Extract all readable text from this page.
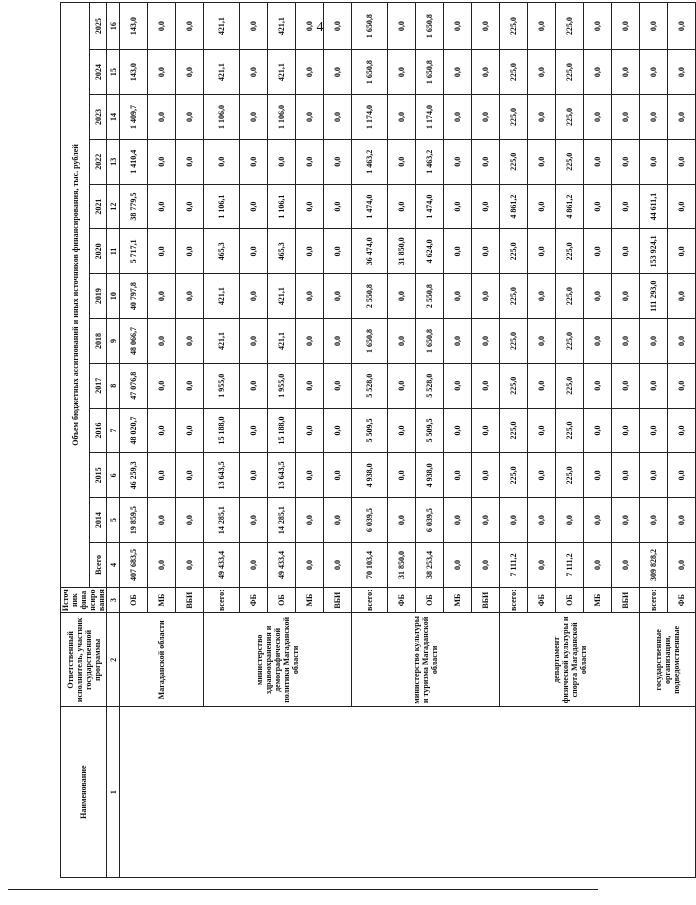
4
Наименование	Ответственный исполнитель, участник государственной программы	Источник финансирования	Объем бюджетных ассигнований и иных источников финансирования, тыс. рублей												
			Всего	2014	2015	2016	2017	2018	2019	2020	2021	2022	2023	2024	2025
1	2	3	4	5	6	7	8	9	10	11	12	13	14	15	16
	Магаданской области	ОБ	407 683,5	19 859,5	46 259,3	48 020,7	47 076,8	48 066,7	40 797,8	5 717,1	38 779,5	1 410,4	1 409,7	143,0	143,0
		МБ	0,0	0,0	0,0	0,0	0,0	0,0	0,0	0,0	0,0	0,0	0,0	0,0	0,0
		ВБИ	0,0	0,0	0,0	0,0	0,0	0,0	0,0	0,0	0,0	0,0	0,0	0,0	0,0
	министерство здравоохранения и демографической политики Магаданской области	всего:	49 433,4	14 285,1	13 643,5	15 188,0	1 955,0	421,1	421,1	465,3	1 106,1	0,0	1 106,0	421,1	421,1
		ФБ	0,0	0,0	0,0	0,0	0,0	0,0	0,0	0,0	0,0	0,0	0,0	0,0	0,0
		ОБ	49 433,4	14 285,1	13 643,5	15 188,0	1 955,0	421,1	421,1	465,3	1 106,1	0,0	1 106,0	421,1	421,1
		МБ	0,0	0,0	0,0	0,0	0,0	0,0	0,0	0,0	0,0	0,0	0,0	0,0	0,0
		ВБИ	0,0	0,0	0,0	0,0	0,0	0,0	0,0	0,0	0,0	0,0	0,0	0,0	0,0
	министерство культуры и туризма Магаданской области	всего:	70 103,4	6 039,5	4 938,0	5 509,5	5 528,0	1 650,8	2 550,8	36 474,0	1 474,0	1 463,2	1 174,0	1 650,8	1 650,8
		ФБ	31 850,0	0,0	0,0	0,0	0,0	0,0	0,0	31 850,0	0,0	0,0	0,0	0,0	0,0
		ОБ	38 253,4	6 039,5	4 938,0	5 509,5	5 528,0	1 650,8	2 550,8	4 624,0	1 474,0	1 463,2	1 174,0	1 650,8	1 650,8
		МБ	0,0	0,0	0,0	0,0	0,0	0,0	0,0	0,0	0,0	0,0	0,0	0,0	0,0
		ВБИ	0,0	0,0	0,0	0,0	0,0	0,0	0,0	0,0	0,0	0,0	0,0	0,0	0,0
	департамент физической культуры и спорта Магаданской области	всего:	7 111,2	0,0	225,0	225,0	225,0	225,0	225,0	225,0	4 861,2	225,0	225,0	225,0	225,0
		ФБ	0,0	0,0	0,0	0,0	0,0	0,0	0,0	0,0	0,0	0,0	0,0	0,0	0,0
		ОБ	7 111,2	0,0	225,0	225,0	225,0	225,0	225,0	225,0	4 861,2	225,0	225,0	225,0	225,0
		МБ	0,0	0,0	0,0	0,0	0,0	0,0	0,0	0,0	0,0	0,0	0,0	0,0	0,0
		ВБИ	0,0	0,0	0,0	0,0	0,0	0,0	0,0	0,0	0,0	0,0	0,0	0,0	0,0
	государственные организации, подведомственные	всего:	309 828,2	0,0	0,0	0,0	0,0	0,0	111 293,0	153 924,1	44 611,1	0,0	0,0	0,0	0,0
		ФБ	0,0	0,0	0,0	0,0	0,0	0,0	0,0	0,0	0,0	0,0	0,0	0,0	0,0
